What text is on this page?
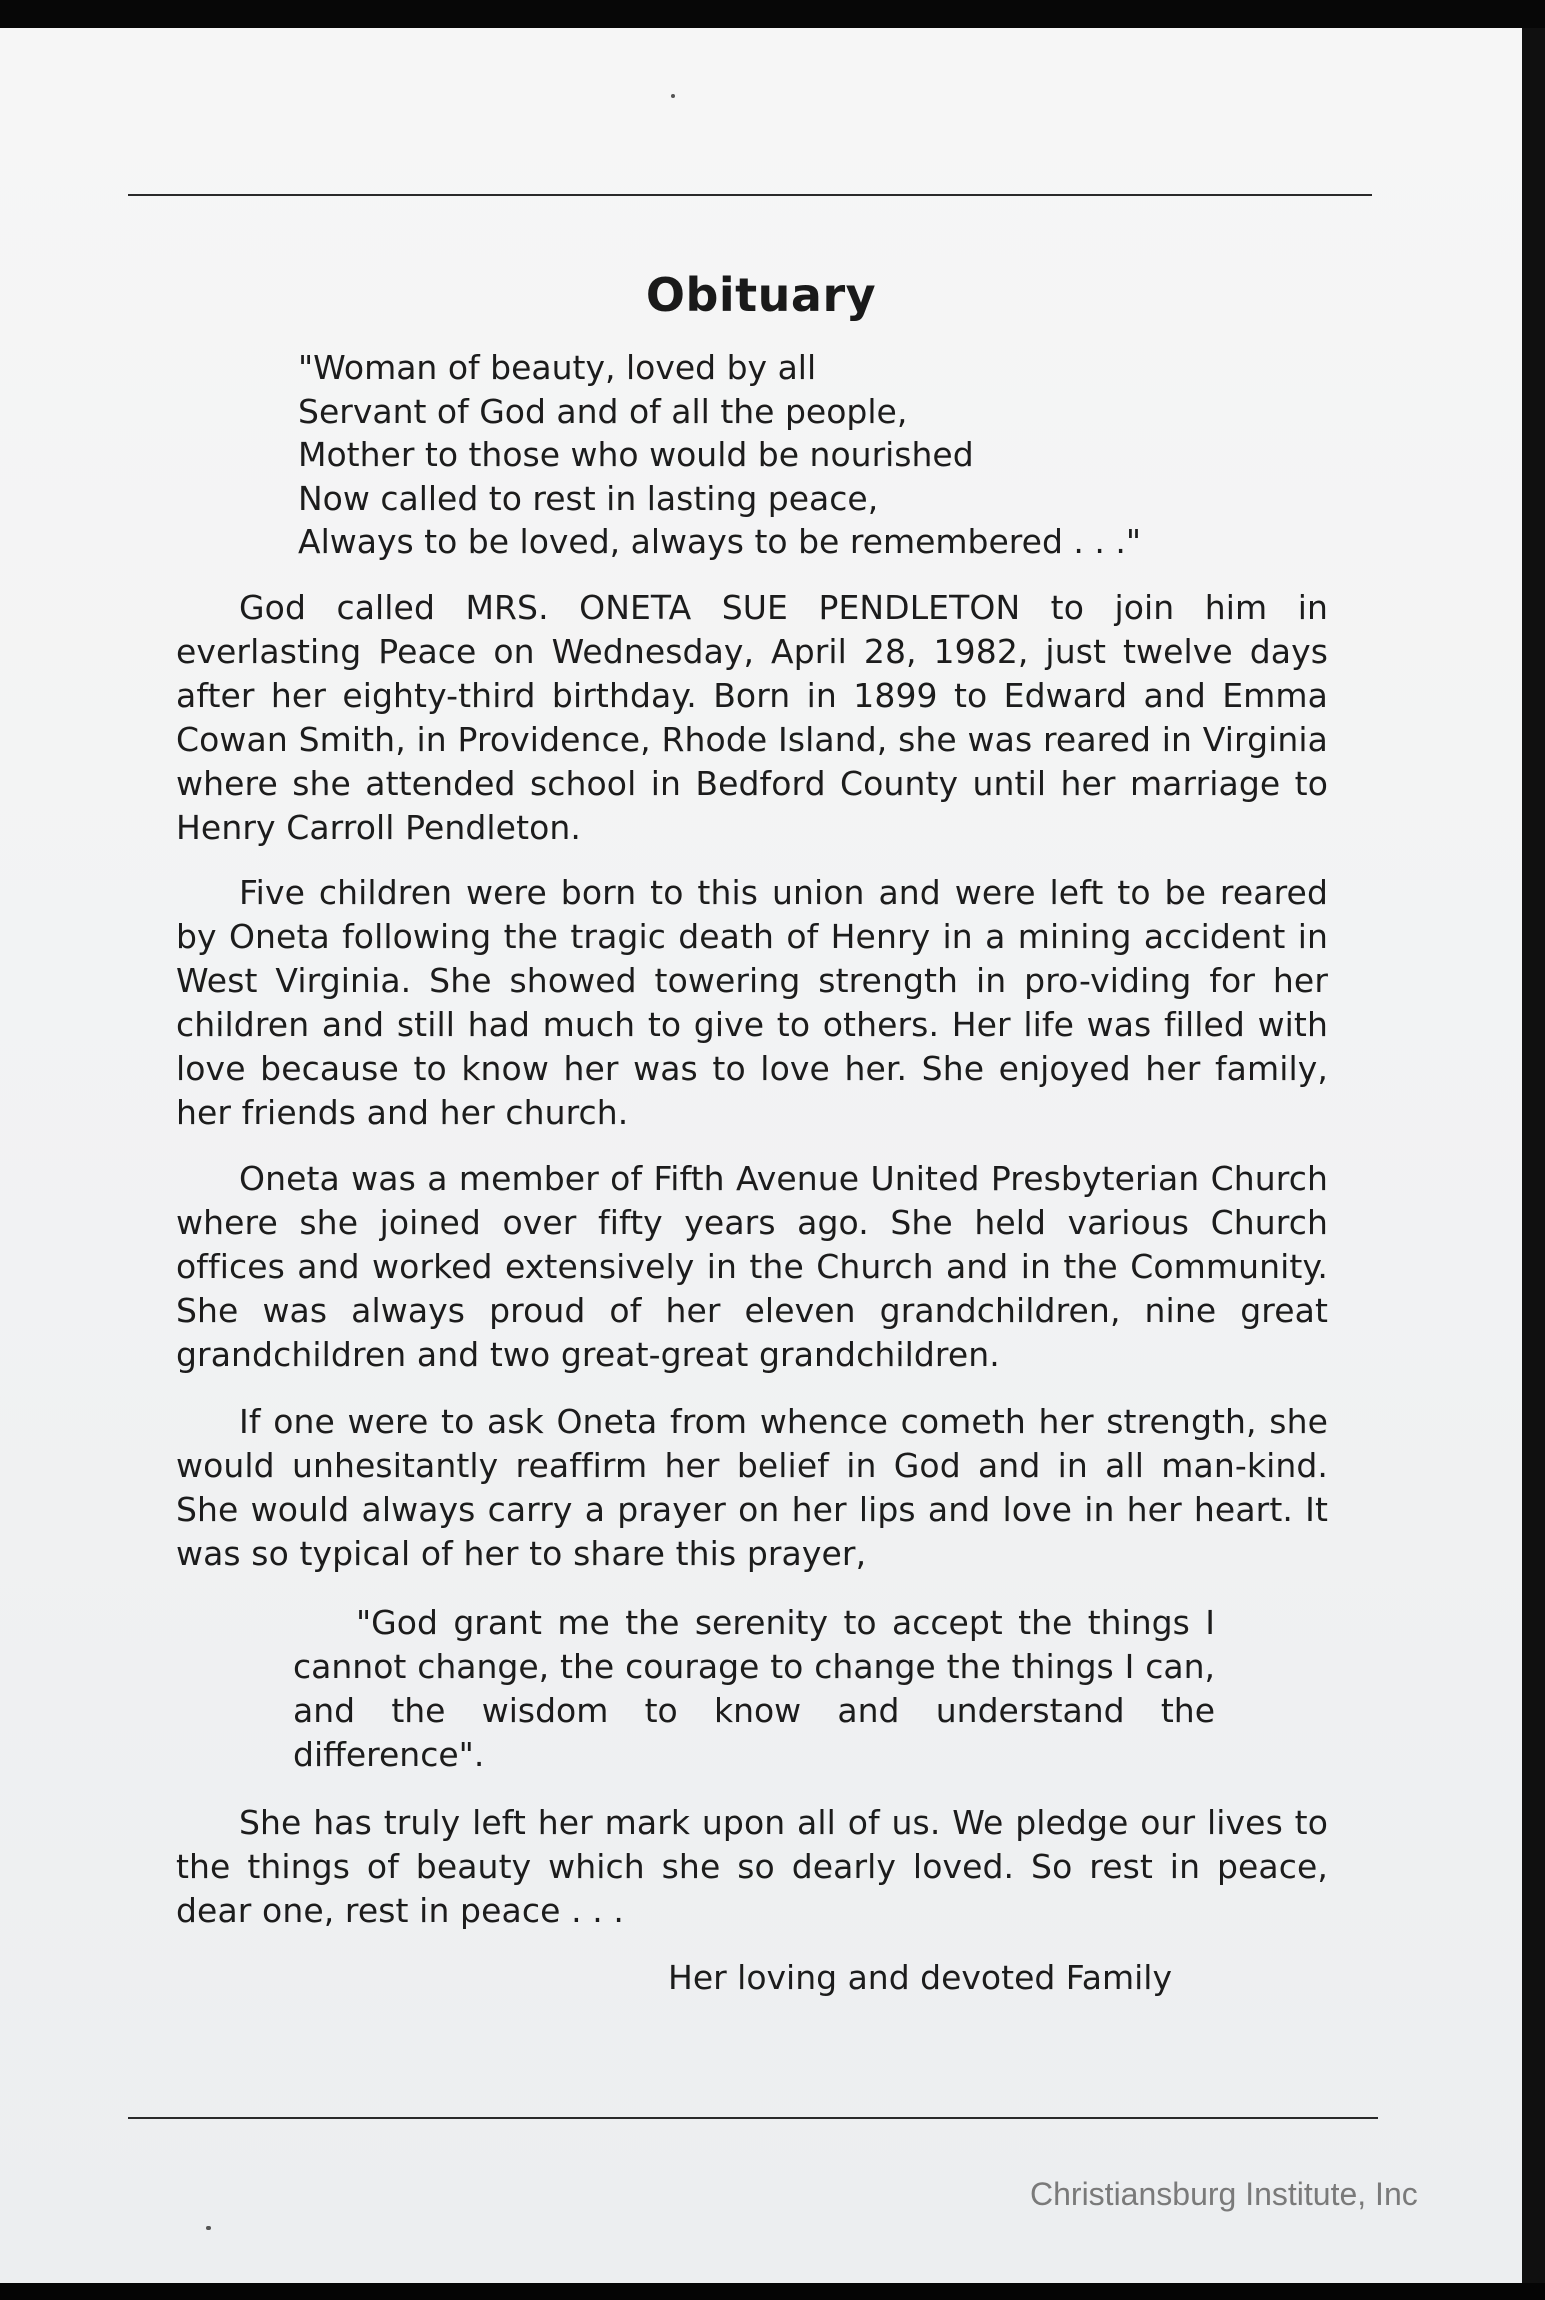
Obituary
"Woman of beauty, loved by all
Servant of God and of all the people,
Mother to those who would be nourished
Now called to rest in lasting peace,
Always to be loved, always to be remembered . . ."
God called MRS. ONETA SUE PENDLETON to join him in everlasting Peace on Wednesday, April 28, 1982, just twelve days after her eighty-third birthday. Born in 1899 to Edward and Emma Cowan Smith, in Providence, Rhode Island, she was reared in Virginia where she attended school in Bedford County until her marriage to Henry Carroll Pendleton.
Five children were born to this union and were left to be reared by Oneta following the tragic death of Henry in a mining accident in West Virginia. She showed towering strength in pro-viding for her children and still had much to give to others. Her life was filled with love because to know her was to love her. She enjoyed her family, her friends and her church.
Oneta was a member of Fifth Avenue United Presbyterian Church where she joined over fifty years ago. She held various Church offices and worked extensively in the Church and in the Community. She was always proud of her eleven grandchildren, nine great grandchildren and two great-great grandchildren.
If one were to ask Oneta from whence cometh her strength, she would unhesitantly reaffirm her belief in God and in all man-kind. She would always carry a prayer on her lips and love in her heart. It was so typical of her to share this prayer,
"God grant me the serenity to accept the things I cannot change, the courage to change the things I can, and the wisdom to know and understand the difference".
She has truly left her mark upon all of us. We pledge our lives to the things of beauty which she so dearly loved. So rest in peace, dear one, rest in peace . . .
Her loving and devoted Family
Christiansburg Institute, Inc
